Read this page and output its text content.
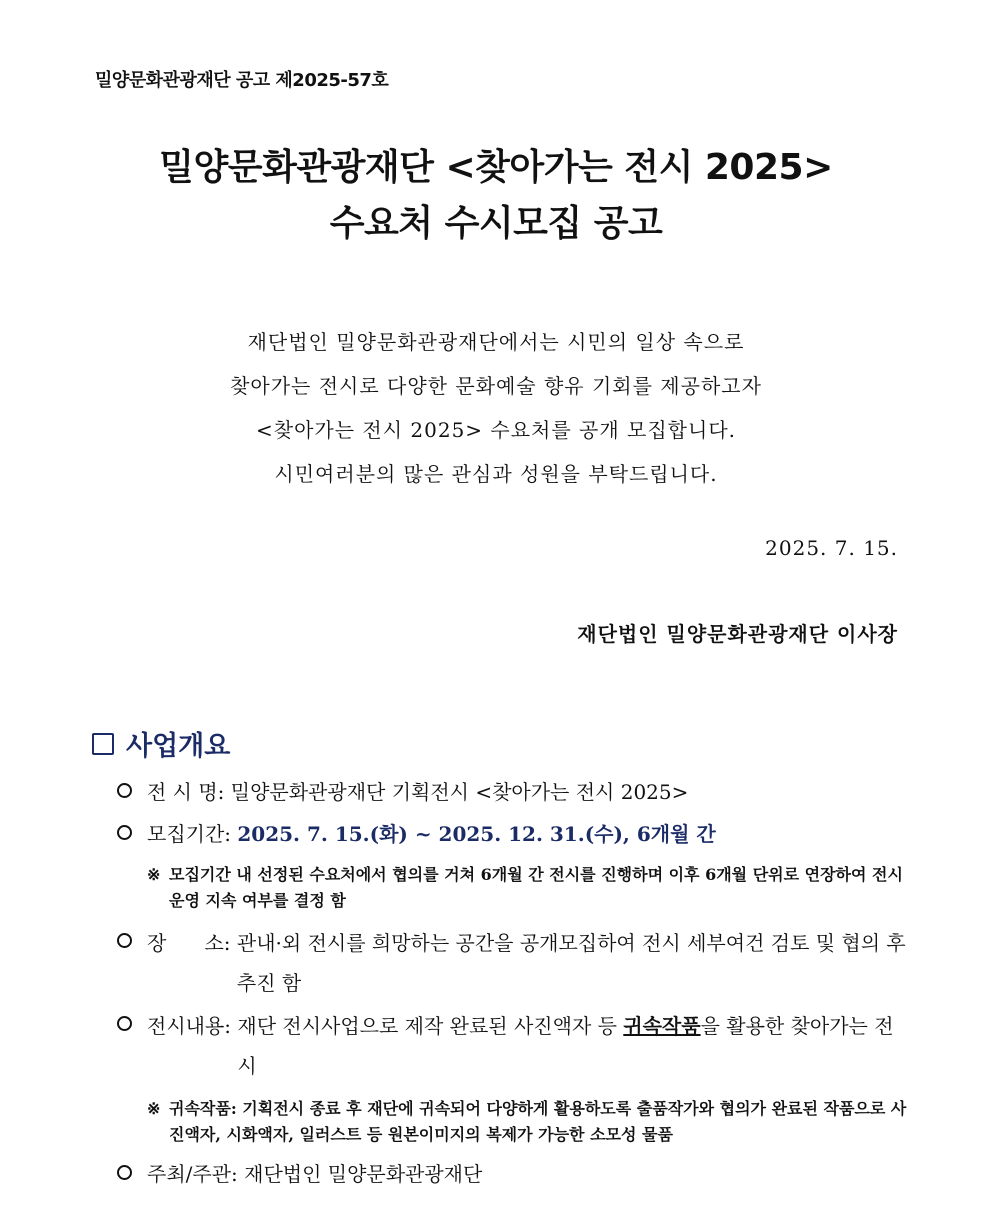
밀양문화관광재단 공고 제2025-57호
밀양문화관광재단 <찾아가는 전시 2025>
수요처 수시모집 공고
재단법인 밀양문화관광재단에서는 시민의 일상 속으로
찾아가는 전시로 다양한 문화예술 향유 기회를 제공하고자
<찾아가는 전시 2025> 수요처를 공개 모집합니다.
시민여러분의 많은 관심과 성원을 부탁드립니다.
2025. 7. 15.
재단법인 밀양문화관광재단 이사장
사업개요
전 시 명: 밀양문화관광재단 기획전시 <찾아가는 전시 2025>
모집기간: 2025. 7. 15.(화) ~ 2025. 12. 31.(수), 6개월 간
※ 모집기간 내 선정된 수요처에서 협의를 거쳐 6개월 간 전시를 진행하며 이후 6개월 단위로 연장하여 전시운영 지속 여부를 결정 함
장      소: 관내·외 전시를 희망하는 공간을 공개모집하여 전시 세부여건 검토 및 협의 후 추진 함
전시내용: 재단 전시사업으로 제작 완료된 사진액자 등 귀속작품을 활용한 찾아가는 전시
※ 귀속작품: 기획전시 종료 후 재단에 귀속되어 다양하게 활용하도록 출품작가와 협의가 완료된 작품으로 사진액자, 시화액자, 일러스트 등 원본이미지의 복제가 가능한 소모성 물품
주최/주관: 재단법인 밀양문화관광재단
